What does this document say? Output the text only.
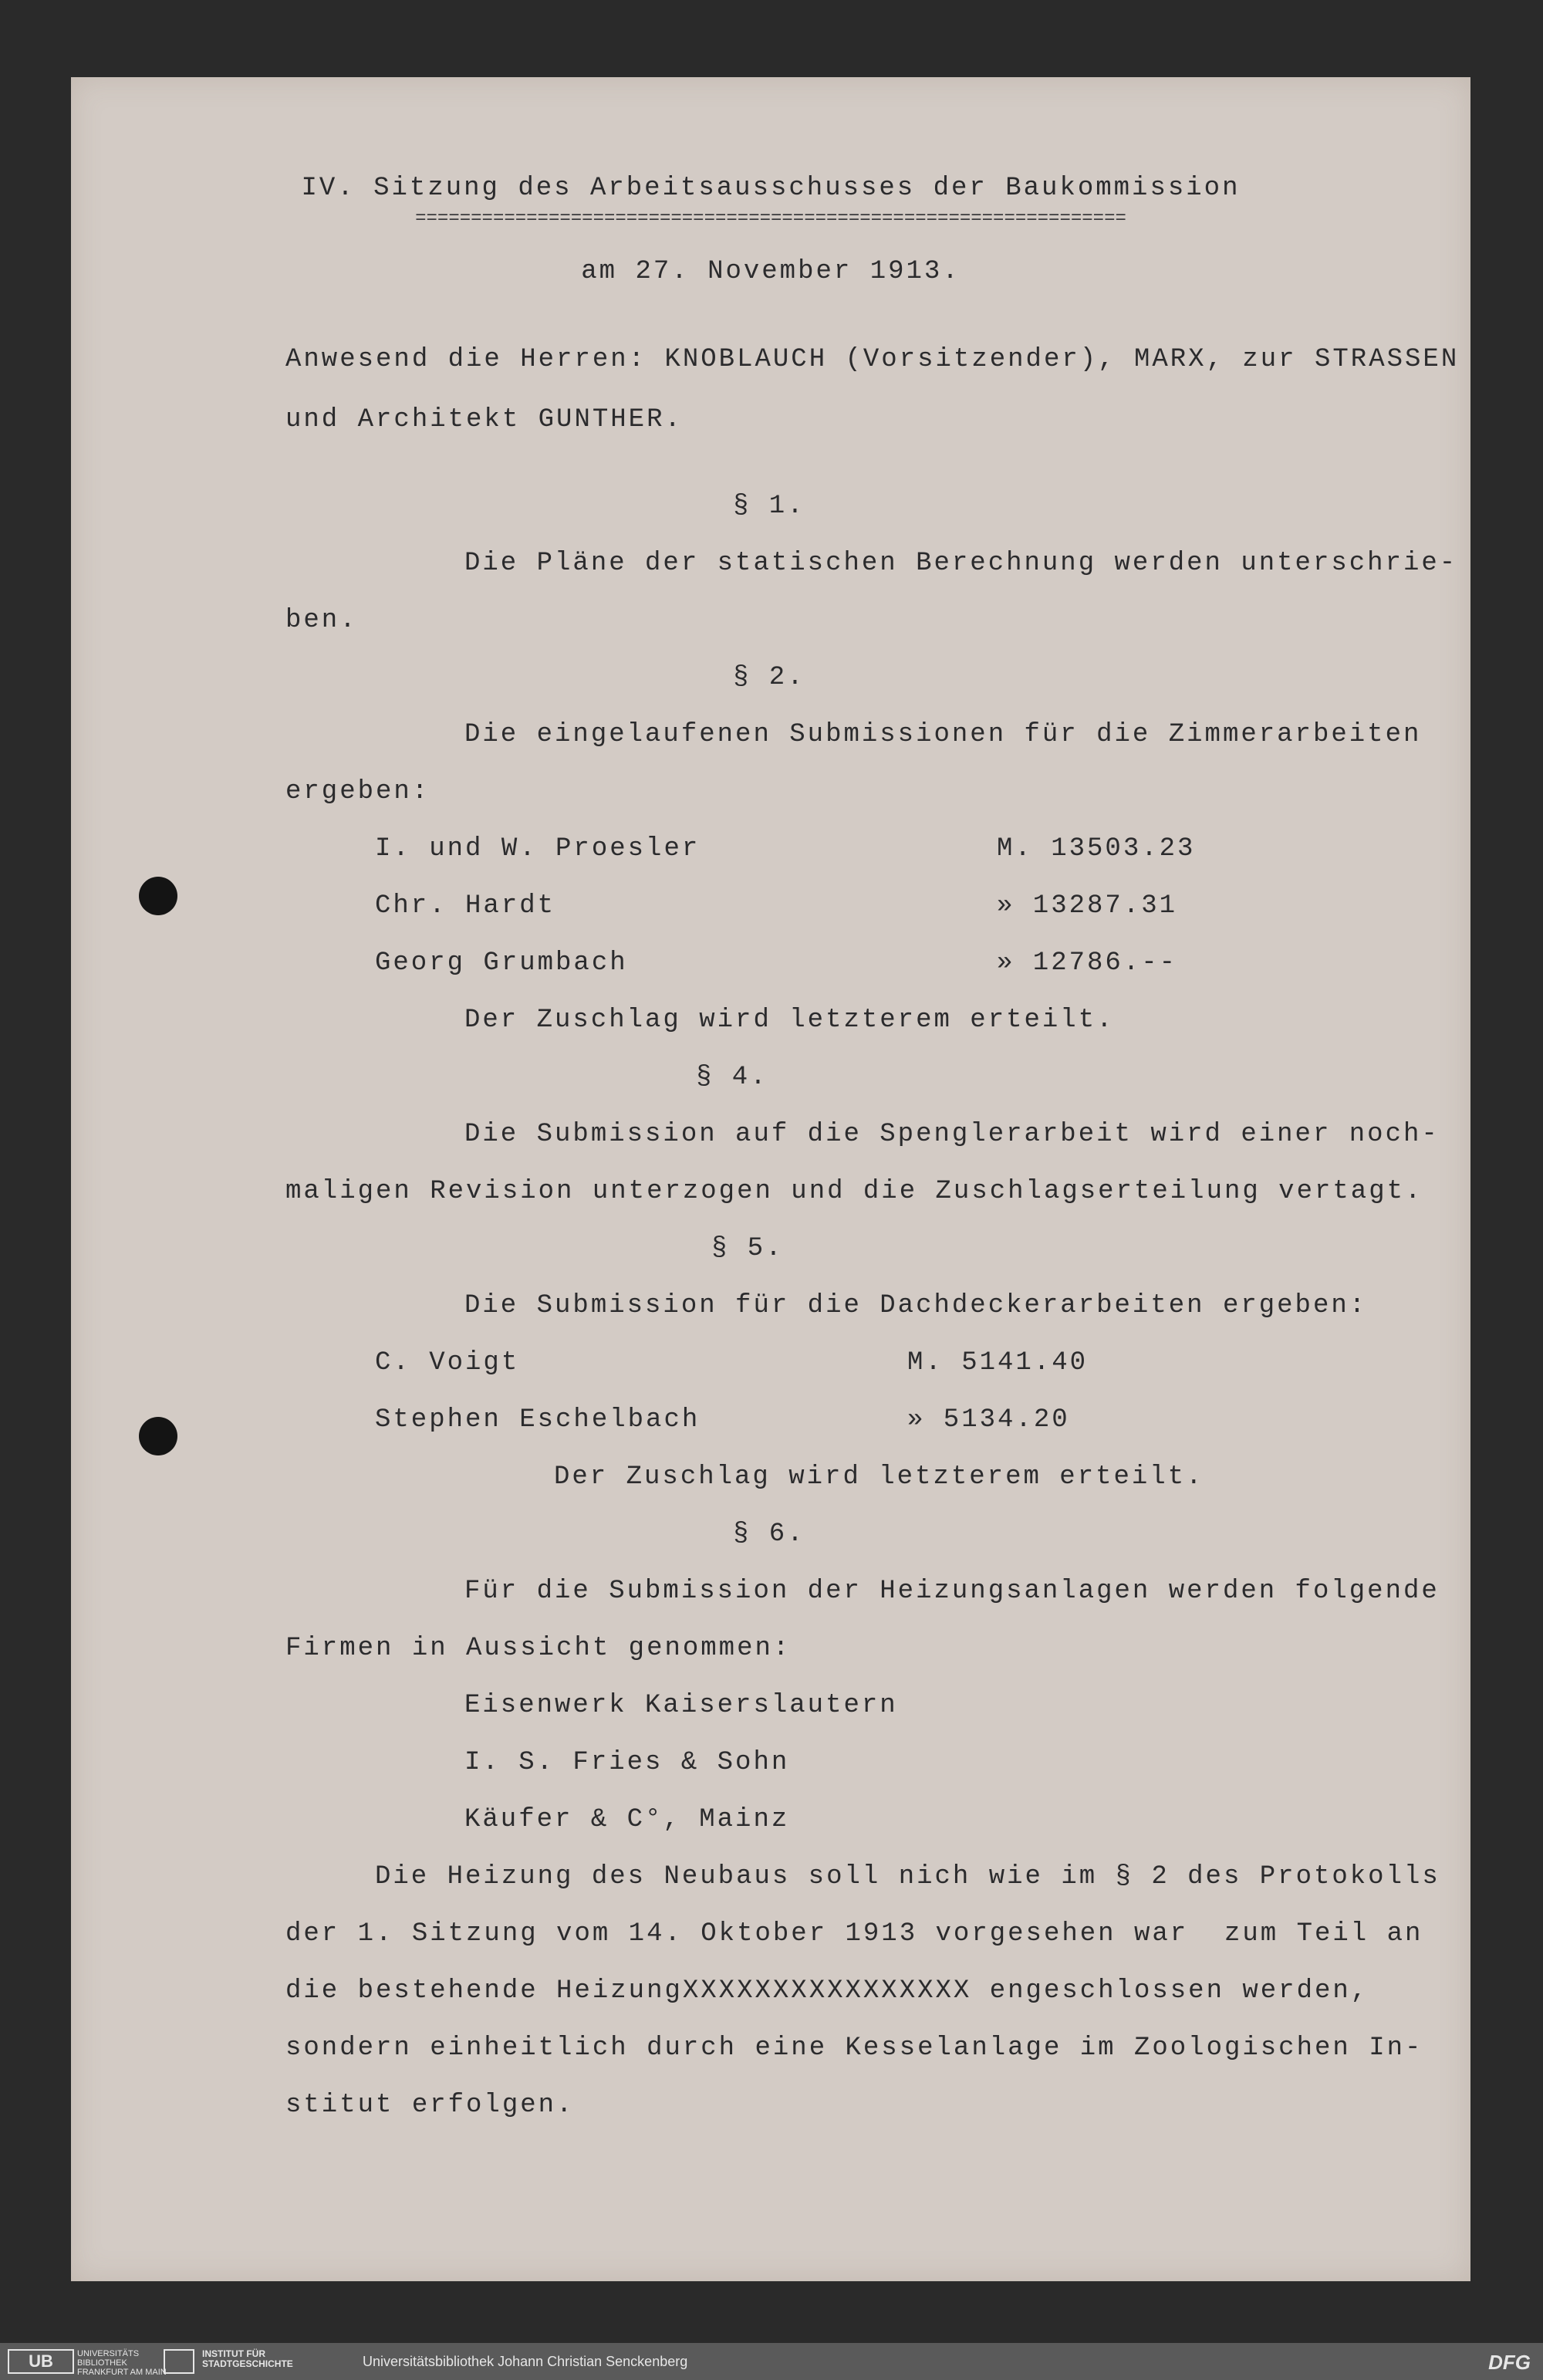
IV. Sitzung des Arbeitsausschusses der Baukommission
================================================================
am 27. November 1913.
Anwesend die Herren: KNOBLAUCH (Vorsitzender), MARX, zur STRASSEN
und Architekt GUNTHER.
§ 1.
Die Pläne der statischen Berechnung werden unterschrie-
ben.
§ 2.
Die eingelaufenen Submissionen für die Zimmerarbeiten
ergeben:
I. und W. Proesler	M. 13503.23
Chr. Hardt	» 13287.31
Georg Grumbach	» 12786.--
Der Zuschlag wird letzterem erteilt.
§ 4.
Die Submission auf die Spenglerarbeit wird einer noch-
maligen Revision unterzogen und die Zuschlagserteilung vertagt.
§ 5.
Die Submission für die Dachdeckerarbeiten ergeben:
C. Voigt	M. 5141.40
Stephen Eschelbach	» 5134.20
Der Zuschlag wird letzterem erteilt.
§ 6.
Für die Submission der Heizungsanlagen werden folgende
Firmen in Aussicht genommen:
Eisenwerk Kaiserslautern
I. S. Fries & Sohn
Käufer & C°, Mainz
Die Heizung des Neubaus soll nich wie im § 2 des Protokolls
der 1. Sitzung vom 14. Oktober 1913 vorgesehen war  zum Teil an
die bestehende HeizungXXXXXXXXXXXXXXXX engeschlossen werden,
sondern einheitlich durch eine Kesselanlage im Zoologischen In-
stitut erfolgen.
UB	UNIVERSITÄTS
BIBLIOTHEK
FRANKFURT AM MAIN
INSTITUT FÜR
STADTGESCHICHTE	Universitätsbibliothek Johann Christian Senckenberg	DFG
